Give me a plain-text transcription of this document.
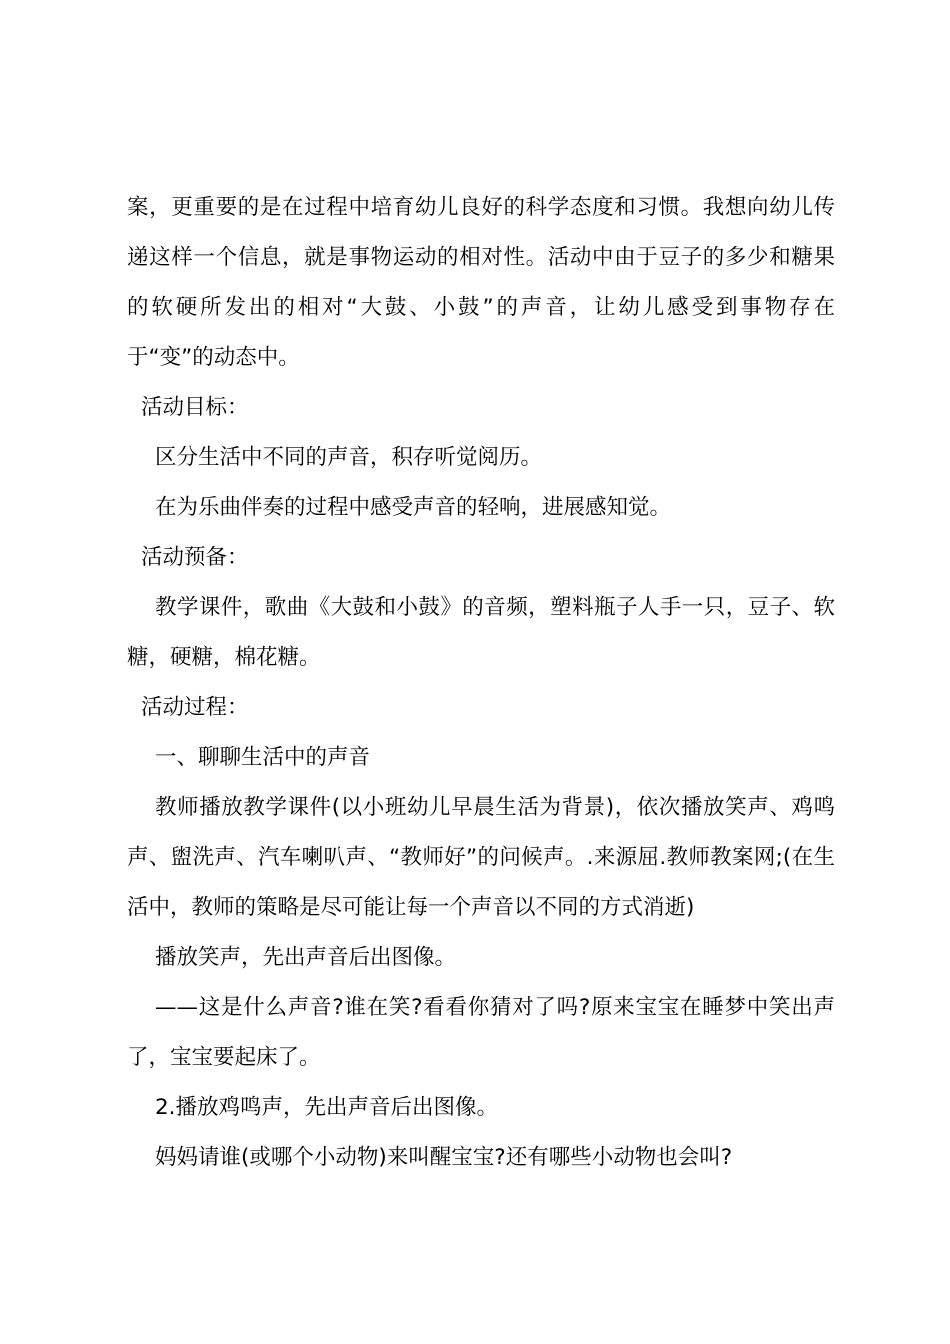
案，更重要的是在过程中培育幼儿良好的科学态度和习惯。我想向幼儿传递这样一个信息，就是事物运动的相对性。活动中由于豆子的多少和糖果的软硬所发出的相对“大鼓、小鼓”的声音，让幼儿感受到事物存在于“变”的动态中。

活动目标：

区分生活中不同的声音，积存听觉阅历。

在为乐曲伴奏的过程中感受声音的轻响，进展感知觉。

活动预备：

教学课件，歌曲《大鼓和小鼓》的音频，塑料瓶子人手一只，豆子、软糖，硬糖，棉花糖。

活动过程：

一、聊聊生活中的声音

教师播放教学课件(以小班幼儿早晨生活为背景)，依次播放笑声、鸡鸣声、盥洗声、汽车喇叭声、“教师好”的问候声。.来源屈.教师教案网;(在生活中，教师的策略是尽可能让每一个声音以不同的方式消逝)

播放笑声，先出声音后出图像。

——这是什么声音?谁在笑?看看你猜对了吗?原来宝宝在睡梦中笑出声了，宝宝要起床了。

2.播放鸡鸣声，先出声音后出图像。

妈妈请谁(或哪个小动物)来叫醒宝宝?还有哪些小动物也会叫?
